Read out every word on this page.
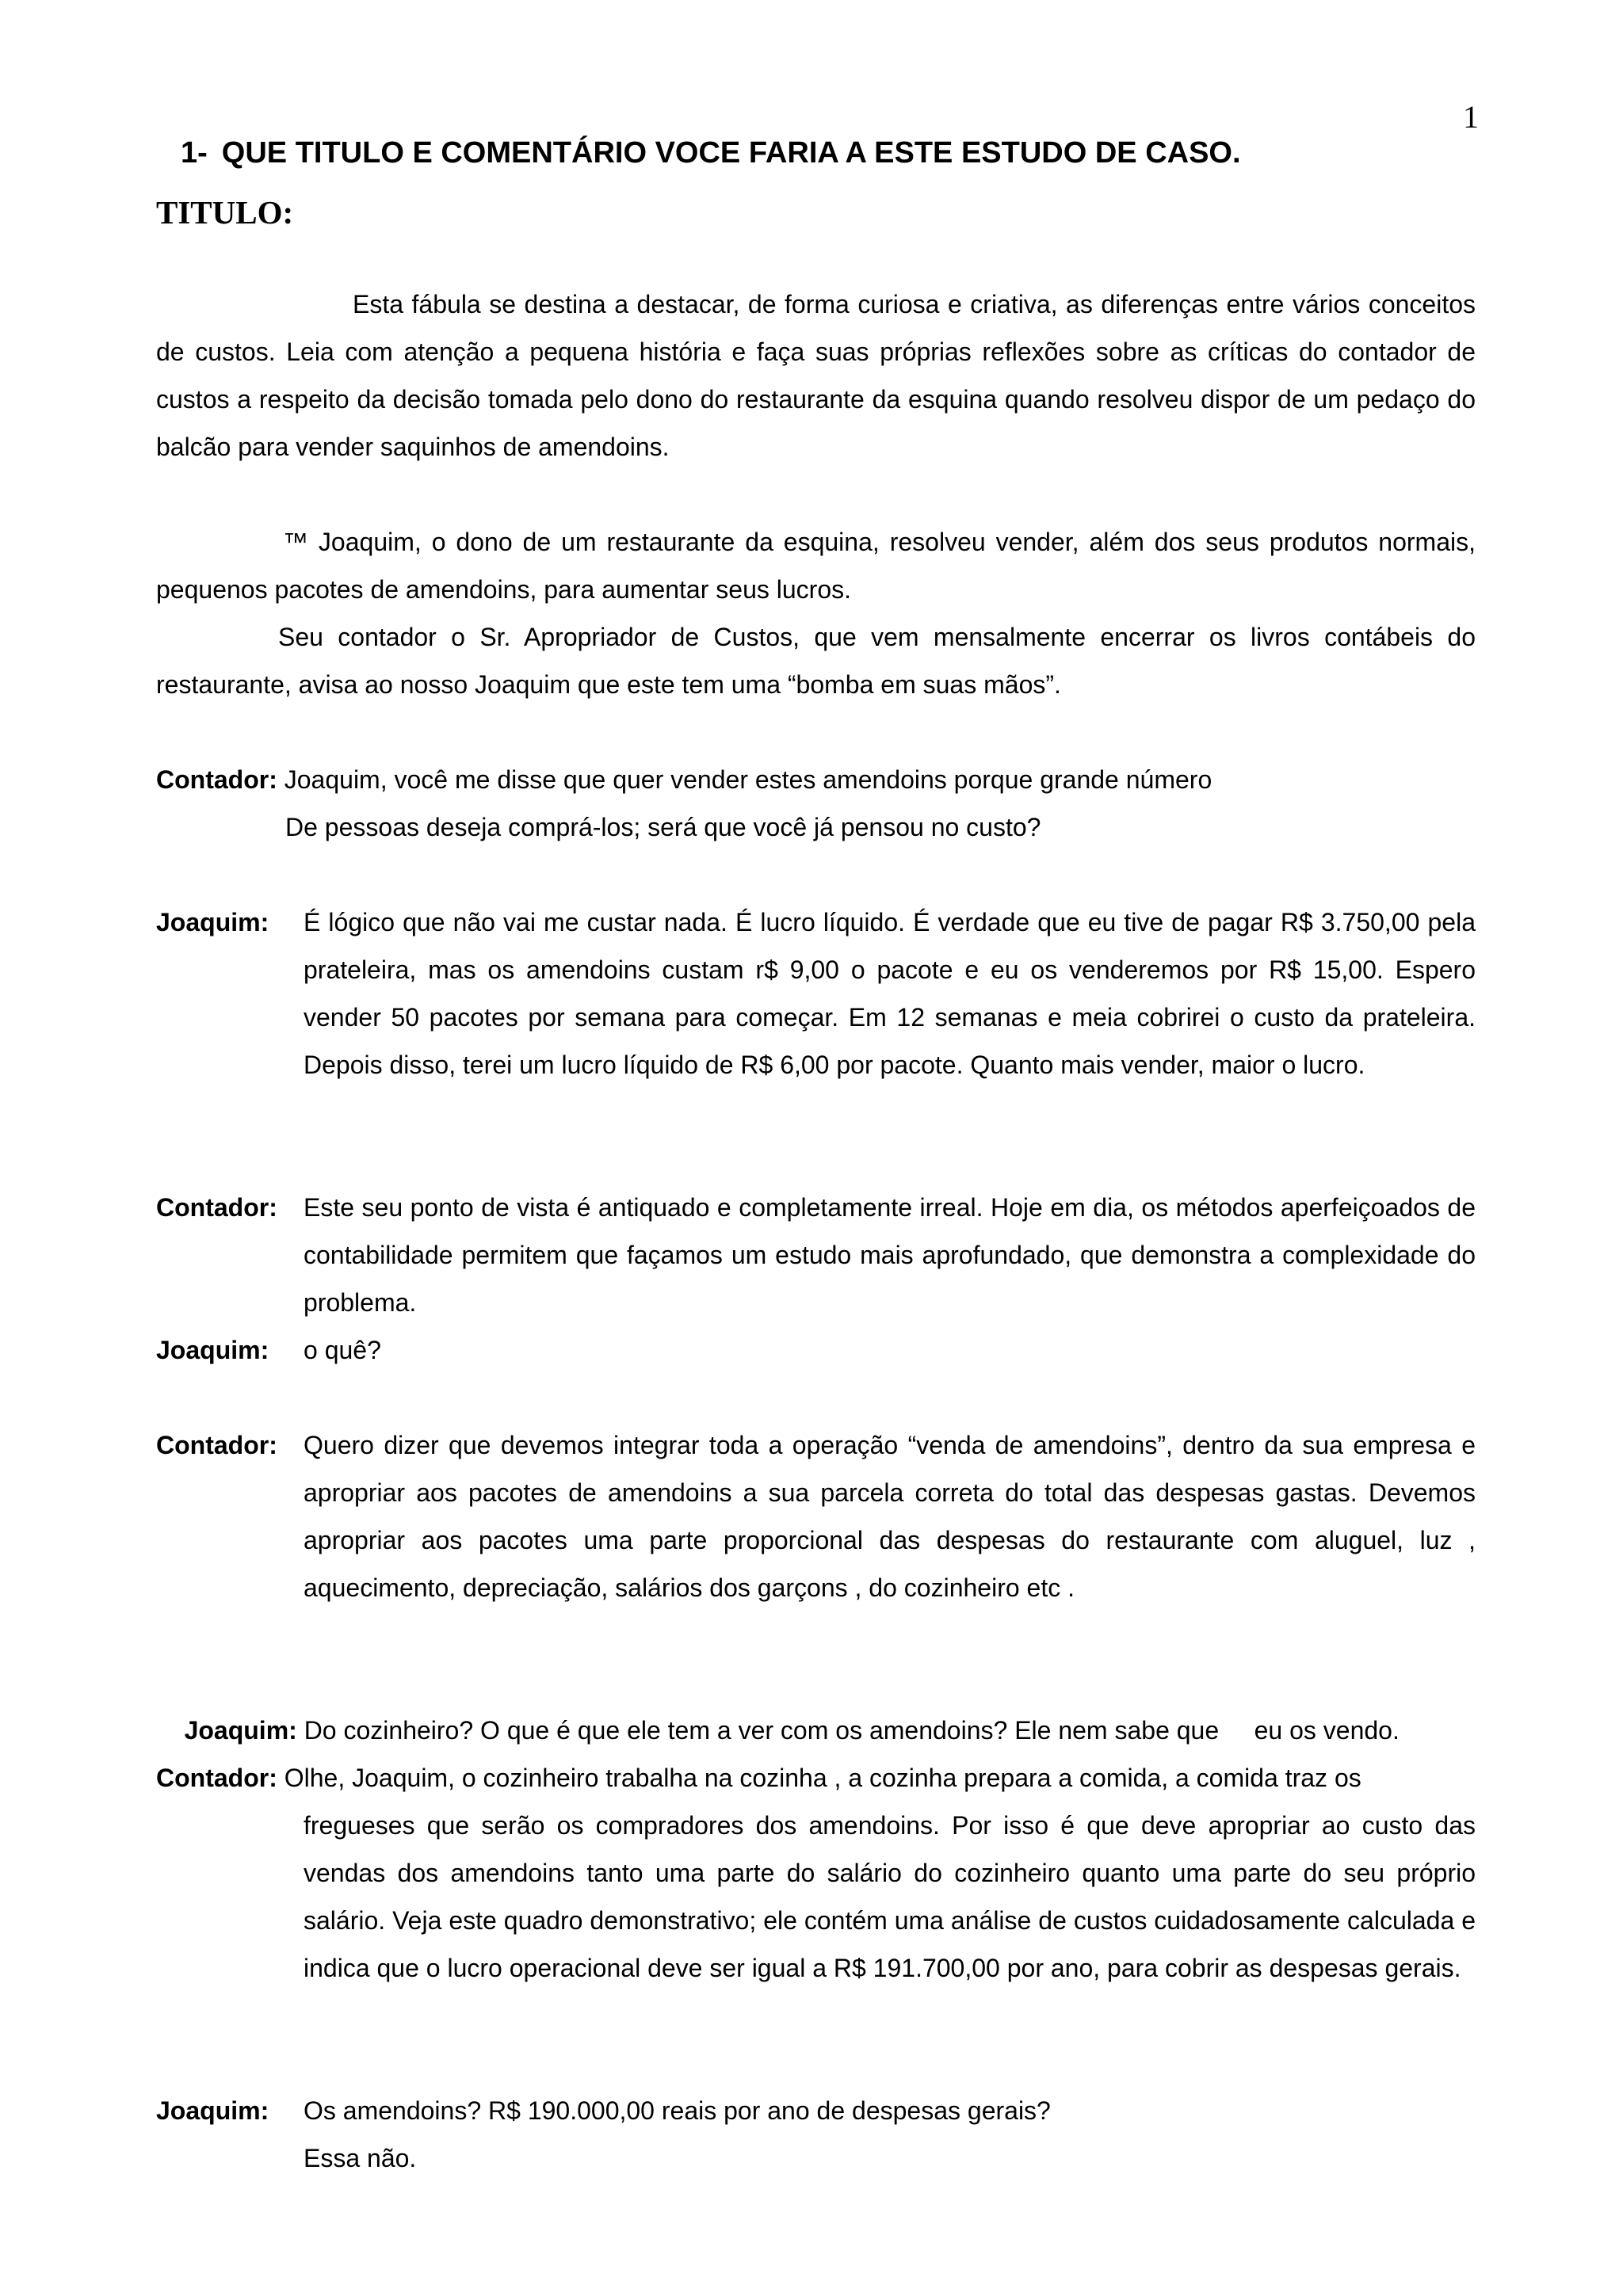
1
1- QUE TITULO E COMENTÁRIO VOCE FARIA A ESTE ESTUDO DE CASO.
TITULO:

Esta fábula se destina a destacar, de forma curiosa e criativa, as diferenças entre vários conceitos de custos. Leia com atenção a pequena história e faça suas próprias reflexões sobre as críticas do contador de custos a respeito da decisão tomada pelo dono do restaurante da esquina quando resolveu dispor de um pedaço do balcão para vender saquinhos de amendoins.

™ Joaquim, o dono de um restaurante da esquina, resolveu vender, além dos seus produtos normais, pequenos pacotes de amendoins, para aumentar seus lucros.

Seu contador o Sr. Apropriador de Custos, que vem mensalmente encerrar os livros contábeis do restaurante, avisa ao nosso Joaquim que este tem uma “bomba em suas mãos”.

Contador: Joaquim, você me disse que quer vender estes amendoins porque grande número
De pessoas deseja comprá-los; será que você já pensou no custo?
Joaquim:	É lógico que não vai me custar nada. É lucro líquido. É verdade que eu tive de pagar R$ 3.750,00 pela prateleira, mas os amendoins custam r$ 9,00 o pacote e eu os venderemos por R$ 15,00. Espero vender 50 pacotes por semana para começar. Em 12 semanas e meia cobrirei o custo da prateleira. Depois disso, terei um lucro líquido de R$ 6,00 por pacote. Quanto mais vender, maior o lucro.
Contador:	Este seu ponto de vista é antiquado e completamente irreal. Hoje em dia, os métodos aperfeiçoados de contabilidade permitem que façamos um estudo mais aprofundado, que demonstra a complexidade do problema.
Joaquim:	o quê?
Contador:	Quero dizer que devemos integrar toda a operação “venda de amendoins”, dentro da sua empresa e apropriar aos pacotes de amendoins a sua parcela correta do total das despesas gastas. Devemos apropriar aos pacotes uma parte proporcional das despesas do restaurante com aluguel, luz , aquecimento, depreciação, salários dos garçons , do cozinheiro etc .

Joaquim: Do cozinheiro? O que é que ele tem a ver com os amendoins? Ele nem sabe que     eu os vendo.

Contador: Olhe, Joaquim, o cozinheiro trabalha na cozinha , a cozinha prepara a comida, a comida traz os
fregueses que serão os compradores dos amendoins. Por isso é que deve apropriar ao custo das vendas dos amendoins tanto uma parte do salário do cozinheiro quanto uma parte do seu próprio salário. Veja este quadro demonstrativo; ele contém uma análise de custos cuidadosamente calculada e indica que o lucro operacional deve ser igual a R$ 191.700,00 por ano, para cobrir as despesas gerais.
Joaquim:	Os amendoins? R$ 190.000,00 reais por ano de despesas gerais?
Essa não.
